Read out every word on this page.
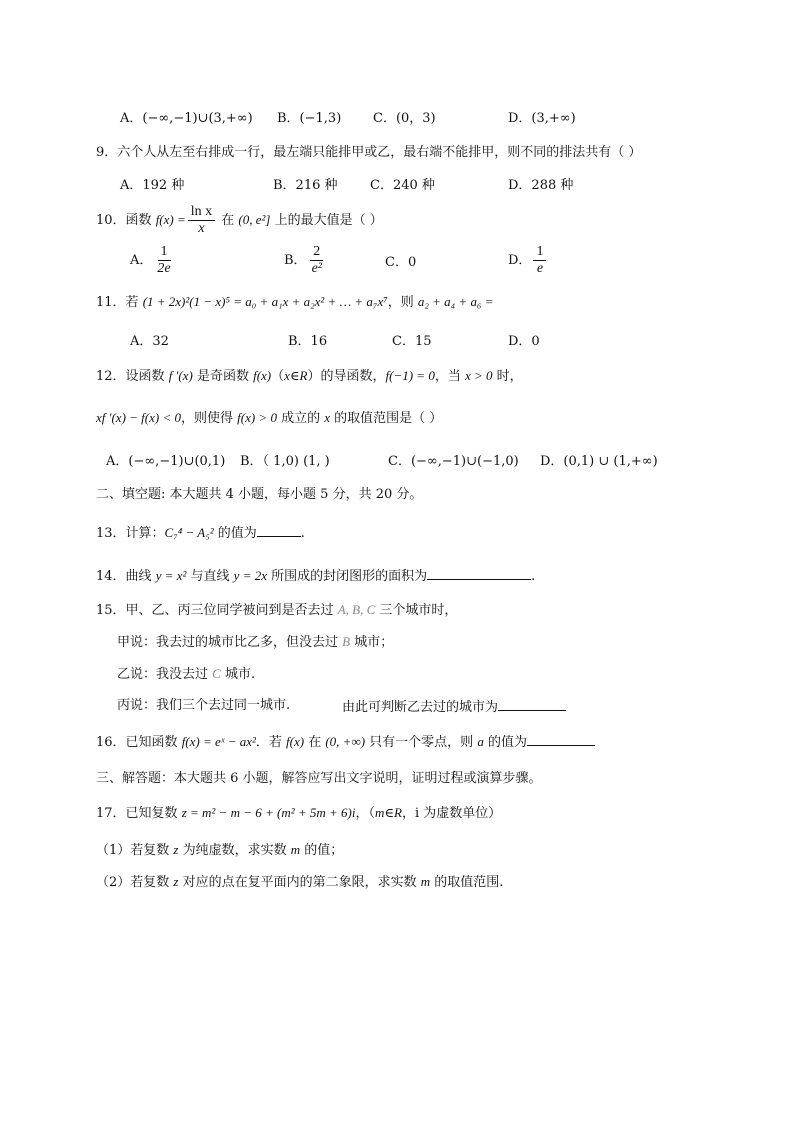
A．(−∞,−1)∪(3,+∞) B．(−1,3) C．(0，3)	D．(3,+∞)
9．六个人从左至右排成一行，最左端只能排甲或乙，最右端不能排甲，则不同的排法共有（ ）
A．192 种	B．216 种	C．240 种	D．288 种
10．函数 $f(x) = \frac{\text{ln x}}{x}$ 在 (0, e²] 上的最大值是（ ）
A． $\frac{1}{2e}$	B． $\frac{2}{\text{e²}}$	C．0	D． $\frac{1}{e}$
11．若 (1 + 2x)²(1 − x)⁵ = a₀ + a₁x + a₂x² + … + a₇x⁷，则 a₂ + a₄ + a₆ =
A．32	B．16	C．15	D．0
12．设函数 f ′(x) 是奇函数 f(x)（x∈R）的导函数，f(−1) = 0，当 x > 0 时，
xf ′(x) − f(x) < 0，则使得 f(x) > 0 成立的 x 的取值范围是（ ）
A．(−∞,−1)∪(0,1) B．（ 1,0) (1, )	C．(−∞,−1)∪(−1,0) D．(0,1) ∪ (1,+∞)
二、填空题: 本大题共 4 小题，每小题 5 分，共 20 分。
13．计算：C₇⁴ − A₅² 的值为	.
14．曲线 y = x² 与直线 y = 2x 所围成的封闭图形的面积为	.
15．甲、乙、丙三位同学被问到是否去过 A, B, C 三个城市时，
甲说：我去过的城市比乙多，但没去过 B 城市；
乙说：我没去过 C 城市.
丙说：我们三个去过同一城市.	由此可判断乙去过的城市为
16．已知函数 f(x) = eˣ − ax²．若 f(x) 在 (0, +∞) 只有一个零点，则 a 的值为
三、解答题：本大题共 6 小题，解答应写出文字说明，证明过程或演算步骤。
17．已知复数 z = m² − m − 6 + (m² + 5m + 6)i，（m∈R，i 为虚数单位）
（1）若复数 z 为纯虚数，求实数 m 的值；
（2）若复数 z 对应的点在复平面内的第二象限，求实数 m 的取值范围.
